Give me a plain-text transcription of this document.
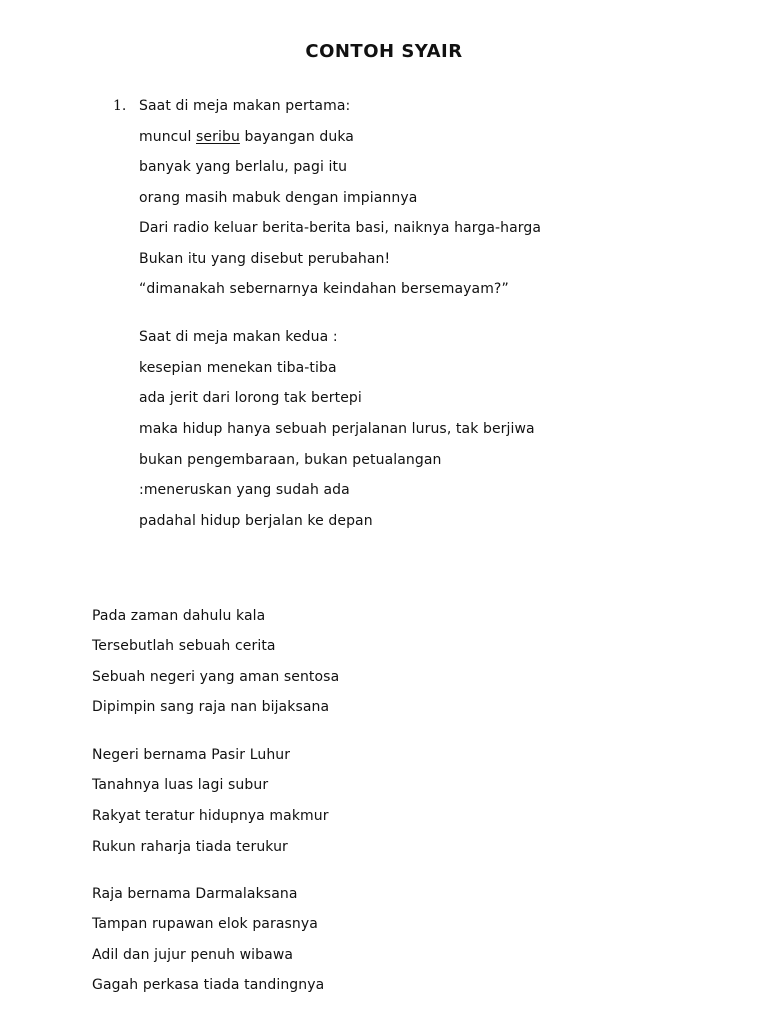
CONTOH SYAIR
1. Saat di meja makan pertama:
muncul seribu bayangan duka
banyak yang berlalu, pagi itu
orang masih mabuk dengan impiannya
Dari radio keluar berita-berita basi, naiknya harga-harga
Bukan itu yang disebut perubahan!
“dimanakah sebernarnya keindahan bersemayam?”
Saat di meja makan kedua :
kesepian menekan tiba-tiba
ada jerit dari lorong tak bertepi
maka hidup hanya sebuah perjalanan lurus, tak berjiwa
bukan pengembaraan, bukan petualangan
:meneruskan yang sudah ada
padahal hidup berjalan ke depan
Pada zaman dahulu kala
Tersebutlah sebuah cerita
Sebuah negeri yang aman sentosa
Dipimpin sang raja nan bijaksana
Negeri bernama Pasir Luhur
Tanahnya luas lagi subur
Rakyat teratur hidupnya makmur
Rukun raharja tiada terukur
Raja bernama Darmalaksana
Tampan rupawan elok parasnya
Adil dan jujur penuh wibawa
Gagah perkasa tiada tandingnya
